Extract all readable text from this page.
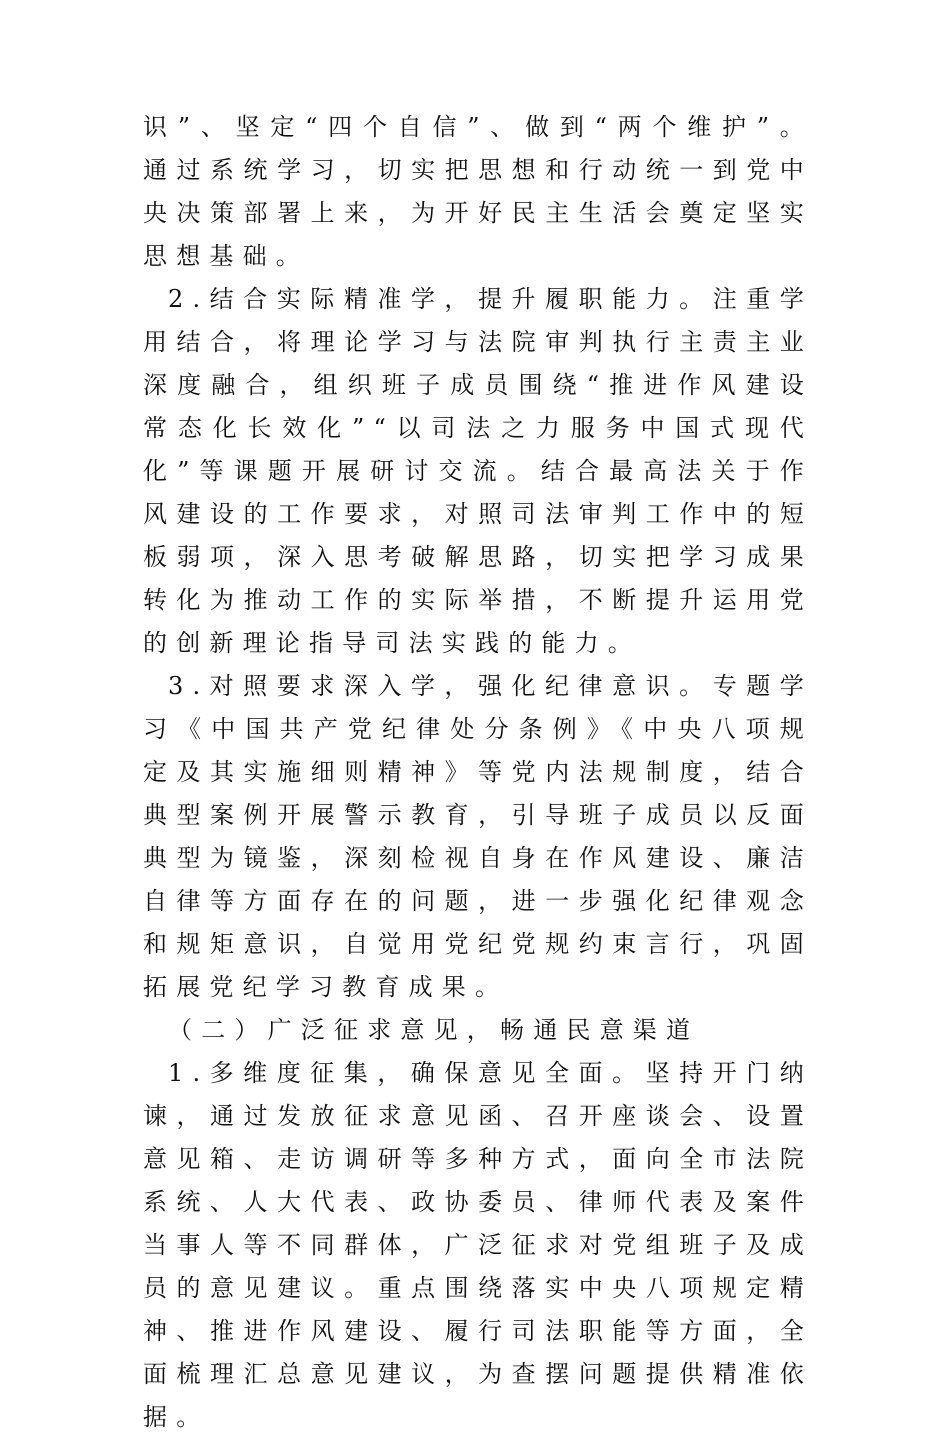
识”、坚定“四个自信”、做到“两个维护”。通过系统学习，切实把思想和行动统一到党中央决策部署上来，为开好民主生活会奠定坚实思想基础。

2.结合实际精准学，提升履职能力。注重学用结合，将理论学习与法院审判执行主责主业深度融合，组织班子成员围绕“推进作风建设常态化长效化”“以司法之力服务中国式现代化”等课题开展研讨交流。结合最高法关于作风建设的工作要求，对照司法审判工作中的短板弱项，深入思考破解思路，切实把学习成果转化为推动工作的实际举措，不断提升运用党的创新理论指导司法实践的能力。

3.对照要求深入学，强化纪律意识。专题学习《中国共产党纪律处分条例》《中央八项规定及其实施细则精神》等党内法规制度，结合典型案例开展警示教育，引导班子成员以反面典型为镜鉴，深刻检视自身在作风建设、廉洁自律等方面存在的问题，进一步强化纪律观念和规矩意识，自觉用党纪党规约束言行，巩固拓展党纪学习教育成果。

（二）广泛征求意见，畅通民意渠道

1.多维度征集，确保意见全面。坚持开门纳谏，通过发放征求意见函、召开座谈会、设置意见箱、走访调研等多种方式，面向全市法院系统、人大代表、政协委员、律师代表及案件当事人等不同群体，广泛征求对党组班子及成员的意见建议。重点围绕落实中央八项规定精神、推进作风建设、履行司法职能等方面，全面梳理汇总意见建议，为查摆问题提供精准依据。
